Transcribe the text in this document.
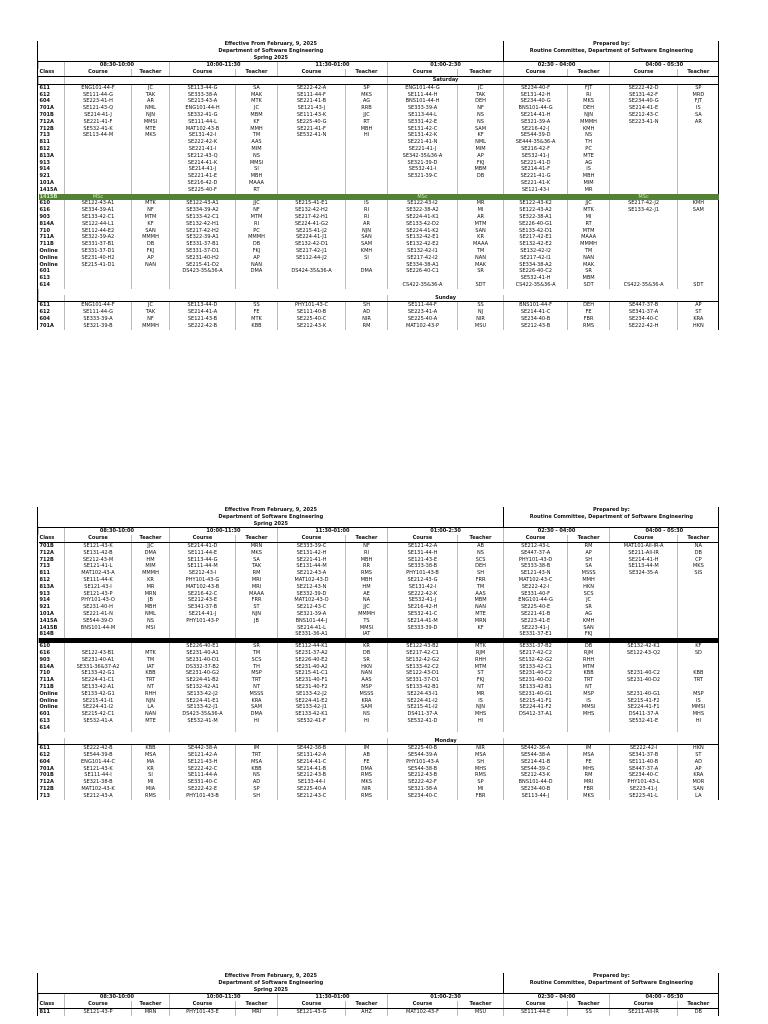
Effective From February, 9, 2025									Prepared by:			
Department of Software Engineering									Routine Committee, Department of Software Engineering			
Spring 2025												
	08:30-10:00		10:00-11:30		11:30-01:00		01:00-2:30		02:30 - 04:00		04:00 - 05:30	
Class	Course	Teacher	Course	Teacher	Course	Teacher	Course	Teacher	Course	Teacher	Course	Teacher
							Saturday					
611	ENG101-44-F	JC	SE113-44-G	SA	SE222-42-A	SP	ENG101-44-G	JC	SE234-40-F	FJT	SE222-42-D	SP
612	SE111-44-G	TAK	SE333-38-A	MAK	SE111-44-F	MKS	SE111-44-H	TAK	SE131-42-H	RI	SE131-42-F	MRD
604	SE223-41-H	AR	SE213-43-A	MTK	SE221-41-B	AG	BNS101-44-H	DEH	SE234-40-G	MKS	SE234-40-G	FJT
701A	SE121-43-Q	NML	ENG101-44-H	JC	SE121-43-J	RRB	SE333-39-A	NF	BNS101-44-G	DEH	SE214-41-E	IS
701B	SE214-41-J	NJN	SE332-41-G	MBM	SE111-43-K	JJC	SE113-44-L	NS	SE214-41-H	NJN	SE212-43-C	SA
712A	SE221-41-F	MMSI	SE111-44-L	KF	SE225-40-G	RT	SE331-42-E	NS	SE321-39-A	MMMH	SE223-41-N	AR
712B	SE532-41-K	MTE	MAT102-43-B	MMH	SE221-41-F	MBH	SE131-42-C	SAM	SE216-42-J	KMH		
713	SE113-44-M	MKS	SE131-42-I	TM	SE532-41-N	HI	SE131-42-K	KF	SE544-39-D	NS		
811			SE222-42-K	AAS			SE221-41-N	NML	SE444-35&36-A	TH		
812			SE221-41-I	MIM			SE221-41-J	MIM	SE216-42-F	PC		
813A			SE212-43-Q	NS			SE342-35&36-A	AP	SE532-41-J	MTE		
913			SE214-41-K	MMSI			SE321-39-D	FKJ	SE221-41-D	AG		
914			SE214-41-J	SI			SE532-41-I	MBM	SE214-41-F	IS		
921			SE221-41-E	MBH			SE321-39-C	DB	SE221-41-G	MBH		
101A			SE216-42-D	MAAA					SE221-41-K	MIM		
1415A			SE225-40-F	RT					SE121-43-I	MR		
1415B	MSc						MSc				MSc	
610	SE122-43-A1	MTK	SE122-43-A1	JJC	SE215-41-E1	IS	SE122-43-I2	MR	SE122-43-K2	JJC	SE217-42-J2	KMH
616	SE334-39-A1	NF	SE334-39-A2	NF	SE132-42-H2	RI	SE322-38-A2	MI	SE122-43-A2	MTK	SE133-42-J1	SAM
903	SE133-42-C1	MTM	SE133-42-C1	MTM	SE217-42-H1	RI	SE224-41-K1	AR	SE322-38-A1	MI		
814A	SE122-44-L1	KF	SE132-42-H1	RI	SE224-41-G2	AR	SE133-42-D2	MTM	SE226-40-G1	RT		
710	SE112-44-E2	SAN	SE217-42-H2	PC	SE215-41-J2	NJN	SE224-41-K2	SAN	SE133-42-D1	MTM		
711A	SE322-39-A2	MMMH	SE322-39-A1	MMMH	SE224-41-J1	SAN	SE132-42-E1	KR	SE217-42-E1	MAAA		
711B	SE331-37-B1	DB	SE331-37-B1	DB	SE132-42-D1	SAM	SE132-42-E2	MAAA	SE132-42-E2	MMMH		
Online	SE331-37-D1	FKJ	SE331-37-D1	FKJ	SE217-42-J1	KMH	SE132-42-I1	TM	SE132-42-I2	TM		
Online	SE231-40-H2	AP	SE231-40-H2	AP	SE112-44-J2	SI	SE217-42-I2	NAN	SE217-42-I1	NAN		
Online	SE215-41-D1	NAN	SE215-41-D2	NAN			SE334-38-A1	MAK	SE334-38-A2	MAK		
601			DS423-35&36-A	DMA	DS424-35&36-A	DMA	SE226-40-C1	SR	SE226-40-C2	SR		
613									SE532-41-H	MBM		
614							CS422-35&36-A	SDT	CS422-35&36-A	SDT	CS422-35&36-A	SDT

							Sunday					
611	ENG101-44-F	JC	SE113-44-D	SS	PHY101-43-C	SH	SE111-44-F	SS	BNS101-44-F	DEH	SE447-37-B	AP
612	SE111-44-G	TAK	SE214-41-A	FE	SE111-40-B	AD	SE223-41-A	NJ	SE214-41-C	FE	SE341-37-A	ST
604	SE333-39-A	NF	SE121-43-B	MTK	SE225-40-C	NIR	SE225-40-A	NIR	SE234-40-B	FBR	SE234-40-C	KRA
701A	SE321-39-B	MMMH	SE222-42-B	KBB	SE212-43-K	RM	MAT102-43-P	MSU	SE212-43-B	RMS	SE222-42-H	HKN
Effective From February, 9, 2025									Prepared by:			
Department of Software Engineering									Routine Committee, Department of Software Engineering			
Spring 2025												
	08:30-10:00		10:00-11:30		11:30-01:00		01:00-2:30		02:30 - 04:00		04:00 - 05:30	
Class	Course	Teacher	Course	Teacher	Course	Teacher	Course	Teacher	Course	Teacher	Course	Teacher
701B	SE121-43-K	JJC	SE214-41-D	MRN	SE333-39-C	NF	SE121-42-A	AB	SE212-43-L	RM	MAT101-All-IR-A	NA
712A	SE131-42-B	DMA	SE111-44-E	MKS	SE131-42-H	RI	SE131-44-H	NS	SE447-37-A	AP	SE211-All-IR	DB
712B	SE212-43-M	HM	SE113-44-G	SA	SE221-41-H	MBH	SE121-43-E	SCS	PHY101-43-D	SH	SE214-41-H	CP
713	SE121-41-L	MIM	SE111-44-M	TAK	SE131-44-M	RR	SE333-38-B	DEH	SE333-38-B	SA	SE113-44-M	MKS
811	MAT102-43-A	MMMH	SE212-43-I	RM	SE212-43-A	RMS	PHY101-43-B	SH	SE121-43-N	MSSS	SE324-35-A	SIS
812	SE111-44-K	KR	PHY101-43-G	MRI	MAT102-43-D	MBH	SE212-43-G	FRR	MAT102-43-C	MMH		
813A	SE121-43-I	MR	MAT102-43-B	MRI	SE212-43-N	HM	SE131-42-I	TM	SE222-42-I	HKN		
913	SE121-43-P	MRN	SE216-42-C	MAAA	SE332-39-D	AE	SE222-42-K	AAS	SE331-40-F	SCS		
914	PHY101-43-O	JB	SE212-43-E	FRR	MAT102-43-O	NA	SE532-41-J	MBM	ENG101-44-G	JC		
921	SE231-40-H	MBH	SE341-37-B	ST	SE212-43-C	JJC	SE216-42-H	NAN	SE225-40-E	SR		
101A	SE221-41-N	NML	SE214-41-J	NJN	SE321-39-A	MMMH	SE532-41-C	MTE	SE221-41-B	AG		
1415A	SE544-39-D	NS	PHY101-43-P	JB	BNS101-44-J	TS	SE214-41-M	MRN	SE223-41-E	KMH		
1415B	BNS101-44-M	MSI			SE214-41-L	MMSI	SE333-39-D	KF	SE223-41-J	SAN		
814B					SE331-36-A1	IAT			SE331-37-E1	FKJ		

610			SE226-40-E1	SR	SE112-44-K1	KR	SE122-43-B2	MTK	SE331-37-B2	DB	SE132-42-K1	KF
616	SE122-43-B1	MTK	SE231-40-A1	TM	SE231-37-A2	DB	SE217-42-C1	RJM	SE217-42-C2	RJM	SE122-43-Q2	SD
903	SE231-40-A1	TM	SE231-40-D1	SCS	SE226-40-E2	SR	SE132-42-G2	RHH	SE132-42-G2	RHH		
814A	SE331-36&37-A2	IAT	DS332-37-B2	TH	SE231-40-A2	HKN	SE133-42-C2	MTM	SE133-42-C1	MTM		
710	SE133-42-G1	KBB	SE231-40-G2	MSP	SE215-41-C1	NAN	SE122-43-D1	ST	SE231-40-C2	KBB	SE231-40-C2	KBB
711A	SE224-41-C1	TRT	SE224-41-B2	TRT	SE231-40-F1	AAS	SE331-37-D1	FKJ	SE231-40-D2	TRT	SE231-40-D2	TRT
711B	SE133-42-A1	NT	SE132-42-A1	NT	SE231-40-F2	MSP	SE133-42-B1	NT	SE133-42-B1	NT		
Online	SE133-42-G1	RHH	SE133-42-J2	MSSS	SE133-42-J2	MSSS	SE224-43-I1	MR	SE231-40-G1	MSP	SE231-40-G1	MSP
Online	SE215-41-I1	NJN	SE224-41-E1	KRA	SE224-41-E2	KRA	SE224-41-I2	IS	SE215-41-F1	IS	SE215-41-F2	IS
Online	SE224-41-I2	LA	SE133-42-J1	SAM	SE133-42-J1	SAM	SE215-41-I2	NJN	SE224-41-F2	MMSI	SE224-41-F1	MMSI
601	SE215-42-C1	NAN	DS423-35&36-A	DMA	SE133-42-K1	NS	DS411-37-A	MHS	DS412-37-A1	MHS	DS411-37-A	MHS
613	SE532-41-A	MTE	SE532-41-M	HI	SE532-41-F	HI	SE532-41-D	HI			SE532-41-E	HI
614												

							Monday					
611	SE222-42-B	KBB	SE442-38-A	IM	SE442-38-B	IM	SE225-40-B	NIR	SE442-36-A	IM	SE222-42-I	HKN
612	SE544-39-B	MSA	SE121-42-A	TRT	SE131-42-A	AB	SE544-39-A	MSA	SE544-38-A	MSA	SE341-37-B	ST
604	ENG101-44-C	MA	SE121-43-H	MSA	SE214-41-C	FE	PHY101-43-A	SH	SE214-41-B	FE	SE111-40-B	AD
701A	SE121-43-K	KR	SE222-42-C	KBB	SE214-41-B	DMA	SE544-38-B	MHS	SE544-39-C	MHS	SE447-37-A	AP
701B	SE111-44-I	SI	SE111-44-A	NS	SE212-43-B	RMS	SE212-43-B	RMS	SE212-43-K	RM	SE234-40-C	KRA
712A	SE321-38-B	MI	SE331-40-C	AD	SE133-44-I	MKS	SE222-42-F	SP	BNS101-44-D	MRI	PHY101-43-L	MOR
712B	MAT102-43-K	MIA	SE222-42-E	SP	SE225-40-A	NIR	SE321-38-A	MI	SE234-40-B	FBR	SE223-41-J	SAN
713	SE212-43-A	RMS	PHY101-43-B	SH	SE212-43-C	RMS	SE234-40-C	FBR	SE113-44-J	MKS	SE223-41-L	LA
Effective From February, 9, 2025									Prepared by:			
Department of Software Engineering									Routine Committee, Department of Software Engineering			
Spring 2025												
	08:30-10:00		10:00-11:30		11:30-01:00		01:00-2:30		02:30 - 04:00		04:00 - 05:30	
Class	Course	Teacher	Course	Teacher	Course	Teacher	Course	Teacher	Course	Teacher	Course	Teacher
811	SE121-43-P	MRN	PHY101-43-E	MRI	SE121-43-G	AHZ	MAT102-43-F	MSU	SE111-44-E	SS	SE211-All-IR	DB
